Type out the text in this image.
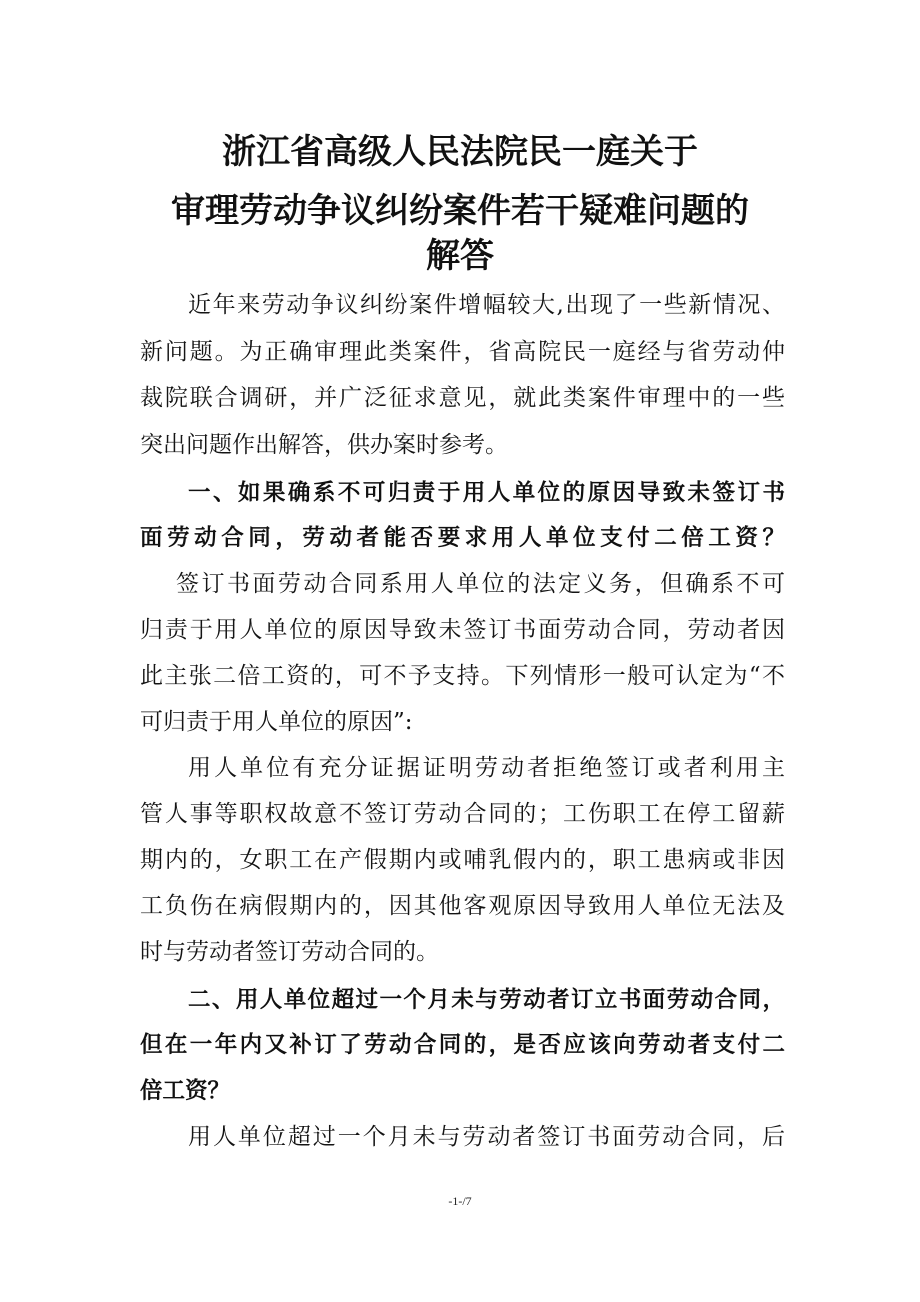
浙江省高级人民法院民一庭关于
审理劳动争议纠纷案件若干疑难问题的
解答
近年来劳动争议纠纷案件增幅较大,出现了一些新情况、
新问题。为正确审理此类案件，省高院民一庭经与省劳动仲
裁院联合调研，并广泛征求意见，就此类案件审理中的一些
突出问题作出解答，供办案时参考。
一、如果确系不可归责于用人单位的原因导致未签订书
面劳动合同，劳动者能否要求用人单位支付二倍工资？
签订书面劳动合同系用人单位的法定义务，但确系不可
归责于用人单位的原因导致未签订书面劳动合同，劳动者因
此主张二倍工资的，可不予支持。下列情形一般可认定为“不
可归责于用人单位的原因”:
用人单位有充分证据证明劳动者拒绝签订或者利用主
管人事等职权故意不签订劳动合同的；工伤职工在停工留薪
期内的，女职工在产假期内或哺乳假内的，职工患病或非因
工负伤在病假期内的，因其他客观原因导致用人单位无法及
时与劳动者签订劳动合同的。
二、用人单位超过一个月未与劳动者订立书面劳动合同，
但在一年内又补订了劳动合同的，是否应该向劳动者支付二
倍工资？
用人单位超过一个月未与劳动者签订书面劳动合同，后
-1-/7
